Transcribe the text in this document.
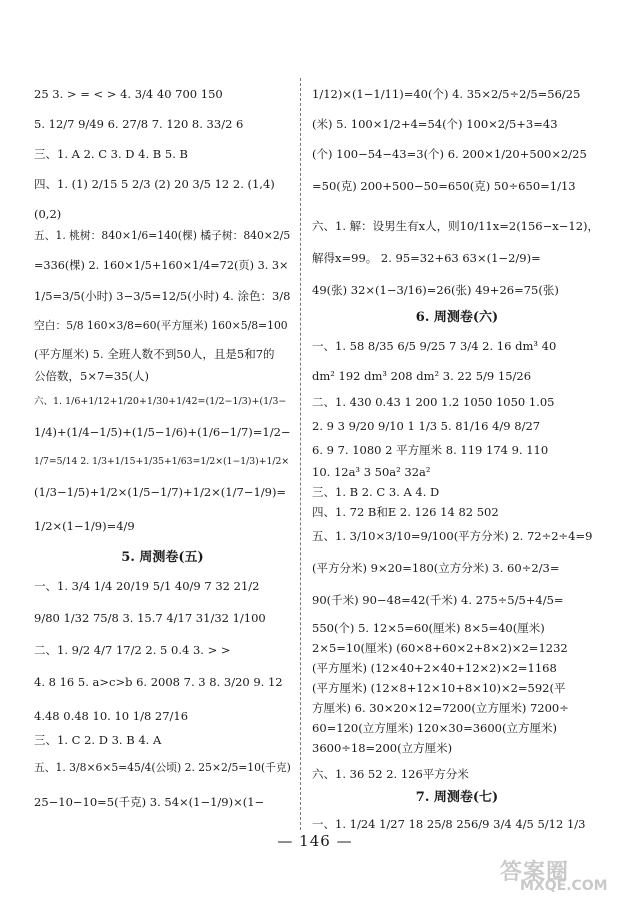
25 3. > = < > 4. 3/4 40 700 150
5. 12/7 9/49 6. 27/8 7. 120 8. 33/2 6
三、1. A 2. C 3. D 4. B 5. B
四、1. (1) 2/15 5 2/3 (2) 20 3/5 12 2. (1,4)
(0,2)
五、1. 桃树：840×1/6=140(棵) 橘子树：840×2/5
=336(棵) 2. 160×1/5+160×1/4=72(页) 3. 3×
1/5=3/5(小时) 3−3/5=12/5(小时) 4. 涂色：3/8
空白：5/8 160×3/8=60(平方厘米) 160×5/8=100
(平方厘米) 5. 全班人数不到50人，且是5和7的
公倍数，5×7=35(人)
六、1. 1/6+1/12+1/20+1/30+1/42=(1/2−1/3)+(1/3−
1/4)+(1/4−1/5)+(1/5−1/6)+(1/6−1/7)=1/2−
1/7=5/14 2. 1/3+1/15+1/35+1/63=1/2×(1−1/3)+1/2×
(1/3−1/5)+1/2×(1/5−1/7)+1/2×(1/7−1/9)=
1/2×(1−1/9)=4/9
5. 周测卷(五)
一、1. 3/4 1/4 20/19 5/1 40/9 7 32 21/2
9/80 1/32 75/8 3. 15.7 4/17 31/32 1/100
二、1. 9/2 4/7 17/2 2. 5 0.4 3. > >
4. 8 16 5. a>c>b 6. 2008 7. 3 8. 3/20 9. 12
4.48 0.48 10. 10 1/8 27/16
三、1. C 2. D 3. B 4. A
五、1. 3/8×6×5=45/4(公顷) 2. 25×2/5=10(千克)
25−10−10=5(千克) 3. 54×(1−1/9)×(1−
1/12)×(1−1/11)=40(个) 4. 35×2/5÷2/5=56/25
(米) 5. 100×1/2+4=54(个) 100×2/5+3=43
(个) 100−54−43=3(个) 6. 200×1/20+500×2/25
=50(克) 200+500−50=650(克) 50÷650=1/13
六、1. 解：设男生有x人，则10/11x=2(156−x−12)，
解得x=99。 2. 95=32+63 63×(1−2/9)=
49(张) 32×(1−3/16)=26(张) 49+26=75(张)
6. 周测卷(六)
一、1. 58 8/35 6/5 9/25 7 3/4 2. 16 dm³ 40
dm² 192 dm³ 208 dm² 3. 22 5/9 15/26
二、1. 430 0.43 1 200 1.2 1050 1050 1.05
2. 9 3 9/20 9/10 1 1/3 5. 81/16 4/9 8/27
6. 9 7. 1080 2 平方厘米 8. 119 174 9. 110
10. 12a³ 3 50a² 32a²
三、1. B 2. C 3. A 4. D
四、1. 72 B和E 2. 126 14 82 502
五、1. 3/10×3/10=9/100(平方分米) 2. 72÷2÷4=9
(平方分米) 9×20=180(立方分米) 3. 60÷2/3=
90(千米) 90−48=42(千米) 4. 275÷5/5+4/5=
550(个) 5. 12×5=60(厘米) 8×5=40(厘米)
2×5=10(厘米) (60×8+60×2+8×2)×2=1232
(平方厘米) (12×40+2×40+12×2)×2=1168
(平方厘米) (12×8+12×10+8×10)×2=592(平
方厘米) 6. 30×20×12=7200(立方厘米) 7200÷
60=120(立方厘米) 120×30=3600(立方厘米)
3600÷18=200(立方厘米)
六、1. 36 52 2. 126平方分米
7. 周测卷(七)
一、1. 1/24 1/27 18 25/8 256/9 3/4 4/5 5/12 1/3
— 146 —
答案圈
MXQE.COM
